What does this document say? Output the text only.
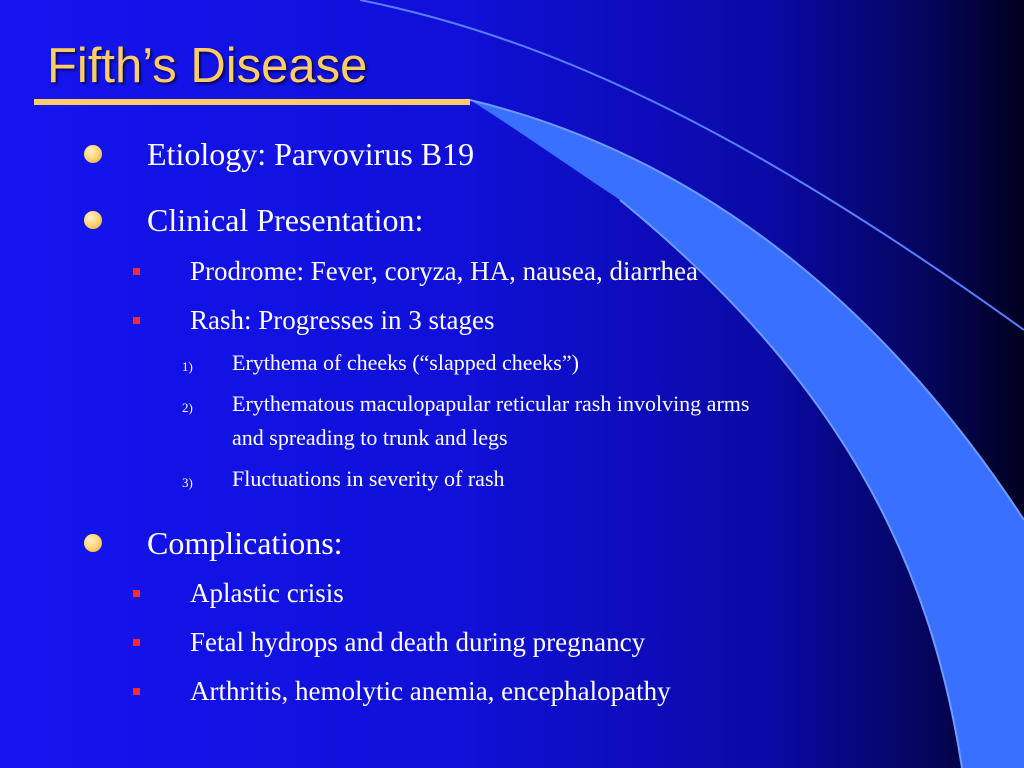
Fifth’s Disease
Etiology: Parvovirus B19
Clinical Presentation:
Prodrome: Fever, coryza, HA, nausea, diarrhea
Rash: Progresses in 3 stages
1) Erythema of cheeks (“slapped cheeks”)
2) Erythematous maculopapular reticular rash involving arms
and spreading to trunk and legs
3) Fluctuations in severity of rash
Complications:
Aplastic crisis
Fetal hydrops and death during pregnancy
Arthritis, hemolytic anemia, encephalopathy
